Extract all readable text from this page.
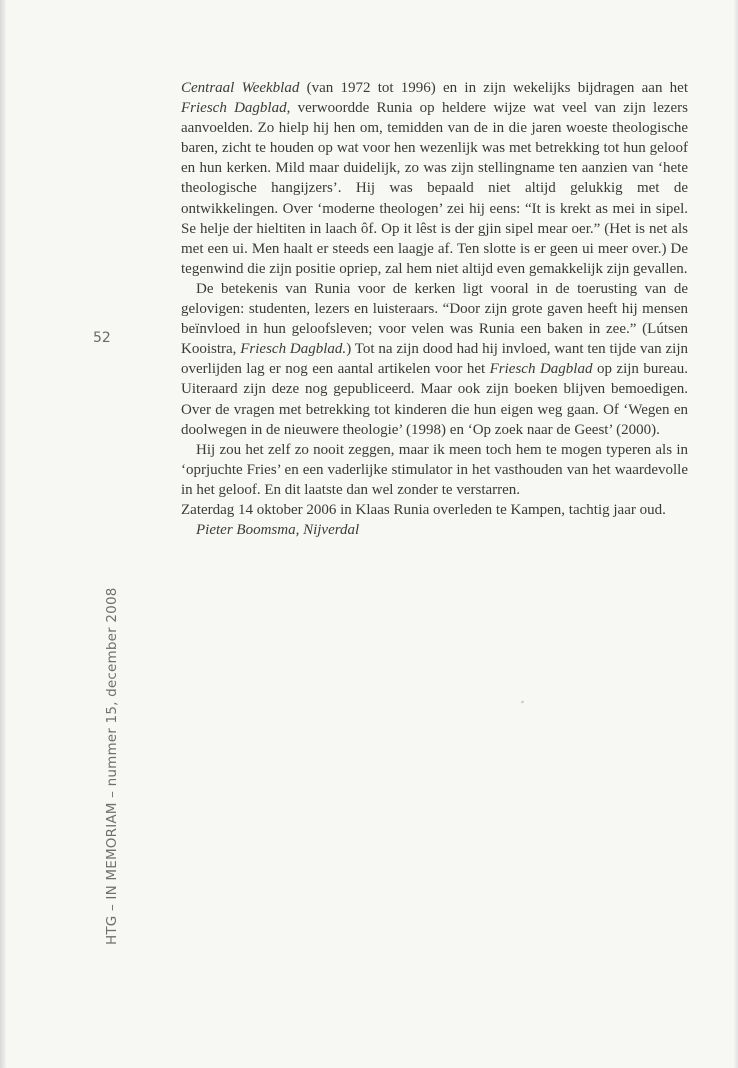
52

Centraal Weekblad (van 1972 tot 1996) en in zijn wekelijks bijdragen aan het Friesch Dagblad, verwoordde Runia op heldere wijze wat veel van zijn lezers aanvoelden. Zo hielp hij hen om, temidden van de in die jaren woeste theologische baren, zicht te houden op wat voor hen wezenlijk was met betrekking tot hun geloof en hun kerken. Mild maar duidelijk, zo was zijn stellingname ten aanzien van ‘hete theologische hangijzers’. Hij was bepaald niet altijd gelukkig met de ontwikkelingen. Over ‘moderne theologen’ zei hij eens: “It is krekt as mei in sipel. Se helje der hieltiten in laach ôf. Op it lêst is der gjin sipel mear oer.” (Het is net als met een ui. Men haalt er steeds een laagje af. Ten slotte is er geen ui meer over.) De tegenwind die zijn positie opriep, zal hem niet altijd even gemakkelijk zijn gevallen.

De betekenis van Runia voor de kerken ligt vooral in de toerusting van de gelovigen: studenten, lezers en luisteraars. “Door zijn grote gaven heeft hij mensen beïnvloed in hun geloofsleven; voor velen was Runia een baken in zee.” (Lútsen Kooistra, Friesch Dagblad.) Tot na zijn dood had hij invloed, want ten tijde van zijn overlijden lag er nog een aantal artikelen voor het Friesch Dagblad op zijn bureau. Uiteraard zijn deze nog gepubliceerd. Maar ook zijn boeken blijven bemoedigen. Over de vragen met betrekking tot kinderen die hun eigen weg gaan. Of ‘Wegen en doolwegen in de nieuwere theologie’ (1998) en ‘Op zoek naar de Geest’ (2000).

Hij zou het zelf zo nooit zeggen, maar ik meen toch hem te mogen typeren als in ‘oprjuchte Fries’ en een vaderlijke stimulator in het vasthouden van het waardevolle in het geloof. En dit laatste dan wel zonder te verstarren.

Zaterdag 14 oktober 2006 in Klaas Runia overleden te Kampen, tachtig jaar oud.

Pieter Boomsma, Nijverdal

HTG – IN MEMORIAM – nummer 15, december 2008
